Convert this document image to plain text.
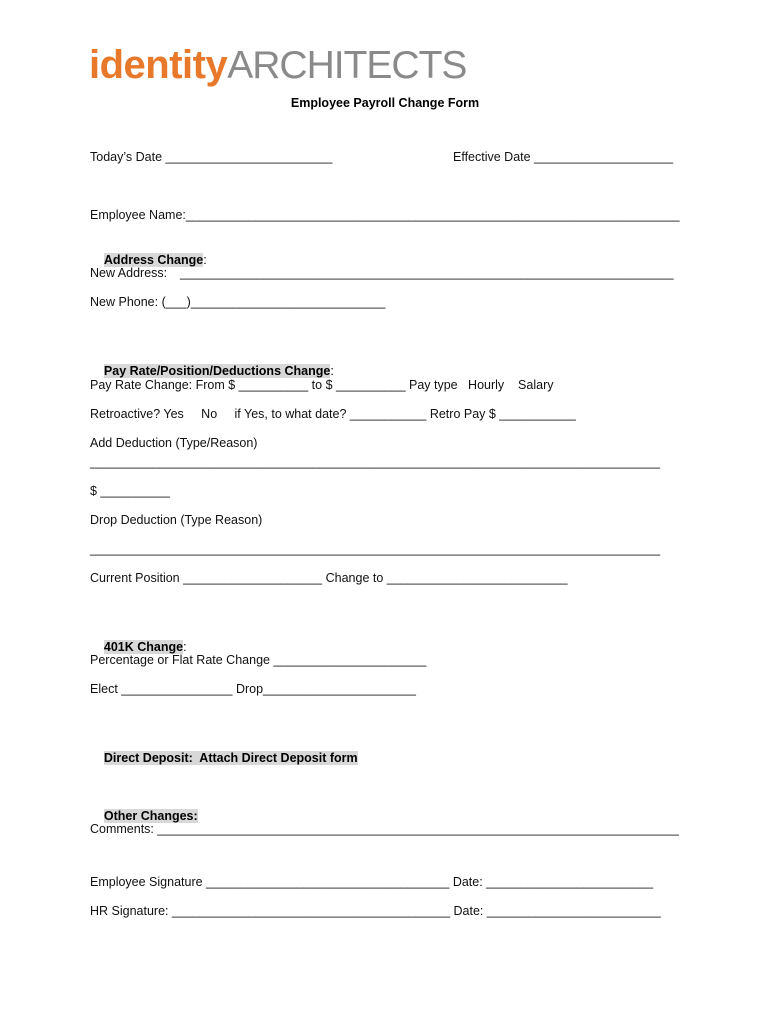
identityARCHITECTS
Employee Payroll Change Form
Today’s Date ________________________	Effective Date ____________________
Employee Name:_______________________________________________________________________

Address Change:

New Address: _______________________________________________________________________
New Phone: (___)____________________________

Pay Rate/Position/Deductions Change:

Pay Rate Change: From $ __________ to $ __________ Pay type   Hourly    Salary
Retroactive? Yes     No     if Yes, to what date? ___________ Retro Pay $ ___________
Add Deduction (Type/Reason)
__________________________________________________________________________________
$ __________
Drop Deduction (Type Reason)
__________________________________________________________________________________
Current Position ____________________ Change to __________________________

401K Change:

Percentage or Flat Rate Change ______________________
Elect ________________ Drop______________________

Direct Deposit:  Attach Direct Deposit form

Other Changes:

Comments: ___________________________________________________________________________
Employee Signature ___________________________________ Date: ________________________
HR Signature: ________________________________________ Date: _________________________
